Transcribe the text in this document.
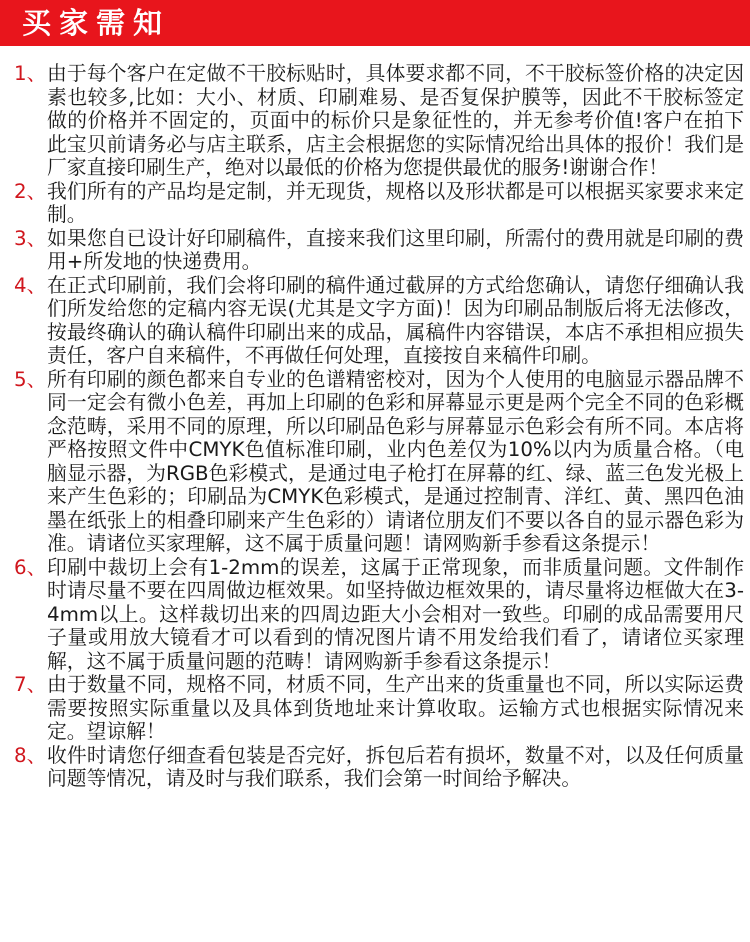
买家需知
1、 由于每个客户在定做不干胶标贴时，具体要求都不同，不干胶标签价格的决定因素也较多,比如：大小、材质、印刷难易、是否复保护膜等，因此不干胶标签定做的价格并不固定的，页面中的标价只是象征性的，并无参考价值!客户在拍下此宝贝前请务必与店主联系，店主会根据您的实际情况给出具体的报价！我们是厂家直接印刷生产，绝对以最低的价格为您提供最优的服务!谢谢合作！
2、 我们所有的产品均是定制，并无现货，规格以及形状都是可以根据买家要求来定制。
3、 如果您自已设计好印刷稿件，直接来我们这里印刷，所需付的费用就是印刷的费用+所发地的快递费用。
4、 在正式印刷前，我们会将印刷的稿件通过截屏的方式给您确认，请您仔细确认我们所发给您的定稿内容无误(尤其是文字方面)！因为印刷品制版后将无法修改，按最终确认的确认稿件印刷出来的成品，属稿件内容错误，本店不承担相应损失责任，客户自来稿件，不再做任何处理，直接按自来稿件印刷。
5、 所有印刷的颜色都来自专业的色谱精密校对，因为个人使用的电脑显示器品牌不同一定会有微小色差，再加上印刷的色彩和屏幕显示更是两个完全不同的色彩概念范畴，采用不同的原理，所以印刷品色彩与屏幕显示色彩会有所不同。本店将严格按照文件中CMYK色值标准印刷，业内色差仅为10%以内为质量合格。（电脑显示器，为RGB色彩模式，是通过电子枪打在屏幕的红、绿、蓝三色发光极上来产生色彩的；印刷品为CMYK色彩模式，是通过控制青、洋红、黄、黑四色油墨在纸张上的相叠印刷来产生色彩的）请诸位朋友们不要以各自的显示器色彩为准。请诸位买家理解，这不属于质量问题！请网购新手参看这条提示！
6、 印刷中裁切上会有1-2mm的误差，这属于正常现象，而非质量问题。文件制作时请尽量不要在四周做边框效果。如坚持做边框效果的，请尽量将边框做大在3-4mm以上。这样裁切出来的四周边距大小会相对一致些。印刷的成品需要用尺子量或用放大镜看才可以看到的情况图片请不用发给我们看了，请诸位买家理解，这不属于质量问题的范畴！请网购新手参看这条提示！
7、 由于数量不同，规格不同，材质不同，生产出来的货重量也不同，所以实际运费需要按照实际重量以及具体到货地址来计算收取。运输方式也根据实际情况来定。望谅解！
8、 收件时请您仔细查看包装是否完好，拆包后若有损坏，数量不对，以及任何质量问题等情况，请及时与我们联系，我们会第一时间给予解决。
